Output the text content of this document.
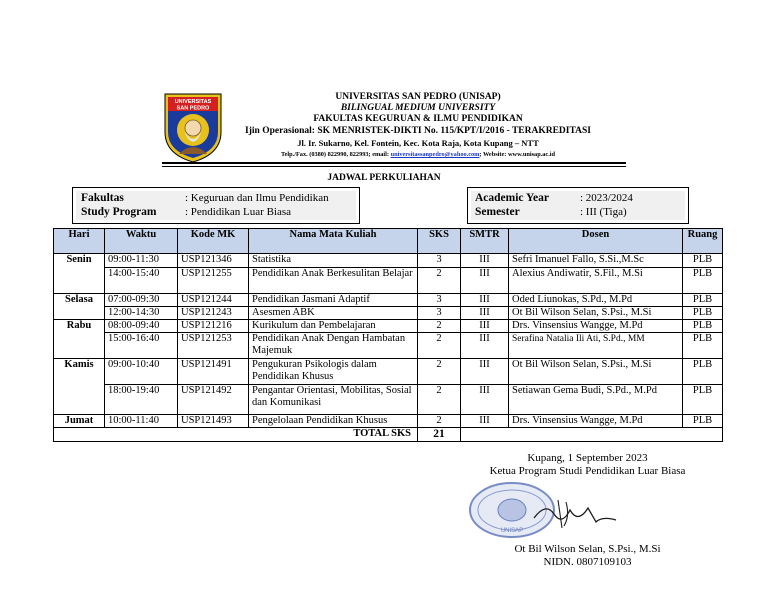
UNIVERSITAS
SAN PEDRO
UNIVERSITAS SAN PEDRO (UNISAP)
BILINGUAL MEDIUM UNIVERSITY
FAKULTAS KEGURUAN & ILMU PENDIDIKAN
Ijin Operasional: SK MENRISTEK-DIKTI No. 115/KPT/I/2016 - TERAKREDITASI
Jl. Ir. Sukarno, Kel. Fontein, Kec. Kota Raja, Kota Kupang – NTT
Telp./Fax. (0380) 822990, 822993; email: universitassanpedro@yahoo.com; Website: www.unisap.ac.id
JADWAL PERKULIAHAN
Fakultas	: Keguruan dan Ilmu Pendidikan
Study Program	: Pendidikan Luar Biasa
Academic Year	: 2023/2024
Semester	: III (Tiga)
Hari	Waktu	Kode MK	Nama Mata Kuliah	SKS	SMTR	Dosen	Ruang
Senin	09:00-11:30	USP121346	Statistika	3	III	Sefri Imanuel Fallo, S.Si.,M.Sc	PLB
	14:00-15:40	USP121255	Pendidikan Anak Berkesulitan Belajar	2	III	Alexius Andiwatir, S.Fil., M.Si	PLB
Selasa	07:00-09:30	USP121244	Pendidikan Jasmani Adaptif	3	III	Oded Liunokas, S.Pd., M.Pd	PLB
	12:00-14:30	USP121243	Asesmen ABK	3	III	Ot Bil Wilson Selan, S.Psi., M.Si	PLB
Rabu	08:00-09:40	USP121216	Kurikulum dan Pembelajaran	2	III	Drs. Vinsensius Wangge, M.Pd	PLB
	15:00-16:40	USP121253	Pendidikan Anak Dengan Hambatan Majemuk	2	III	Serafina Natalia Ili Ati, S.Pd., MM	PLB
Kamis	09:00-10:40	USP121491	Pengukuran Psikologis dalam Pendidikan Khusus	2	III	Ot Bil Wilson Selan, S.Psi., M.Si	PLB
	18:00-19:40	USP121492	Pengantar Orientasi, Mobilitas, Sosial dan Komunikasi	2	III	Setiawan Gema Budi, S.Pd., M.Pd	PLB
Jumat	10:00-11:40	USP121493	Pengelolaan Pendidikan Khusus	2	III	Drs. Vinsensius Wangge, M.Pd	PLB
TOTAL SKS				21			
Kupang, 1 September 2023
Ketua Program Studi Pendidikan Luar Biasa
UNISAP
Ot Bil Wilson Selan, S.Psi., M.Si
NIDN. 0807109103
